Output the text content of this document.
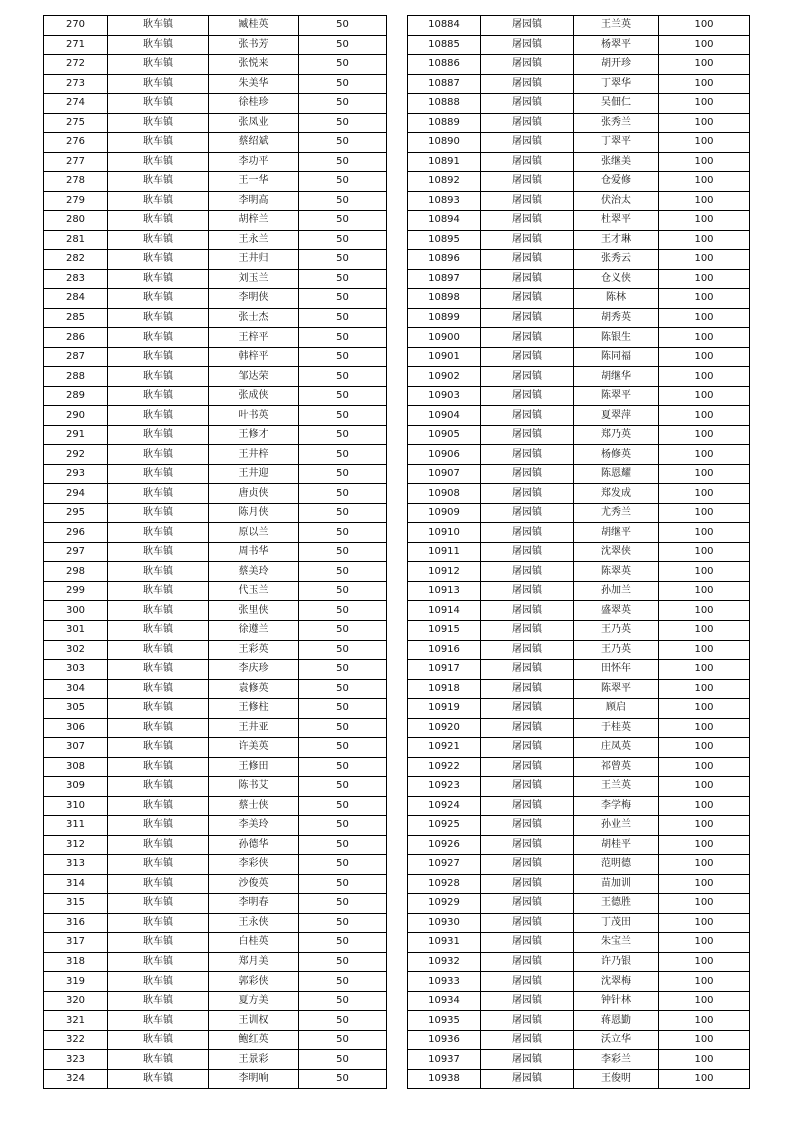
270	耿车镇	臧桂英	50
271	耿车镇	张书芳	50
272	耿车镇	张悦来	50
273	耿车镇	朱美华	50
274	耿车镇	徐桂珍	50
275	耿车镇	张凤业	50
276	耿车镇	蔡绍斌	50
277	耿车镇	李功平	50
278	耿车镇	王一华	50
279	耿车镇	李明高	50
280	耿车镇	胡梓兰	50
281	耿车镇	王永兰	50
282	耿车镇	王井归	50
283	耿车镇	刘玉兰	50
284	耿车镇	李明侠	50
285	耿车镇	张士杰	50
286	耿车镇	王梓平	50
287	耿车镇	韩梓平	50
288	耿车镇	邹达荣	50
289	耿车镇	张成侠	50
290	耿车镇	叶书英	50
291	耿车镇	王修才	50
292	耿车镇	王井梓	50
293	耿车镇	王井迎	50
294	耿车镇	唐贞侠	50
295	耿车镇	陈月侠	50
296	耿车镇	原以兰	50
297	耿车镇	周书华	50
298	耿车镇	蔡美玲	50
299	耿车镇	代玉兰	50
300	耿车镇	张里侠	50
301	耿车镇	徐遵兰	50
302	耿车镇	王彩英	50
303	耿车镇	李庆珍	50
304	耿车镇	袁修英	50
305	耿车镇	王修柱	50
306	耿车镇	王井亚	50
307	耿车镇	许美英	50
308	耿车镇	王修田	50
309	耿车镇	陈书艾	50
310	耿车镇	蔡士侠	50
311	耿车镇	李美玲	50
312	耿车镇	孙德华	50
313	耿车镇	李彩侠	50
314	耿车镇	沙俊英	50
315	耿车镇	李明春	50
316	耿车镇	王永侠	50
317	耿车镇	白桂英	50
318	耿车镇	郑月美	50
319	耿车镇	郭彩侠	50
320	耿车镇	夏方美	50
321	耿车镇	王训权	50
322	耿车镇	鲍红英	50
323	耿车镇	王景彩	50
324	耿车镇	李明响	50
10884	屠园镇	王兰英	100
10885	屠园镇	杨翠平	100
10886	屠园镇	胡开珍	100
10887	屠园镇	丁翠华	100
10888	屠园镇	吴佃仁	100
10889	屠园镇	张秀兰	100
10890	屠园镇	丁翠平	100
10891	屠园镇	张继美	100
10892	屠园镇	仓爱修	100
10893	屠园镇	伏治太	100
10894	屠园镇	杜翠平	100
10895	屠园镇	王才琳	100
10896	屠园镇	张秀云	100
10897	屠园镇	仓义侠	100
10898	屠园镇	陈林	100
10899	屠园镇	胡秀英	100
10900	屠园镇	陈银生	100
10901	屠园镇	陈同福	100
10902	屠园镇	胡继华	100
10903	屠园镇	陈翠平	100
10904	屠园镇	夏翠萍	100
10905	屠园镇	郑乃英	100
10906	屠园镇	杨修英	100
10907	屠园镇	陈恩耀	100
10908	屠园镇	郑发成	100
10909	屠园镇	尤秀兰	100
10910	屠园镇	胡继平	100
10911	屠园镇	沈翠侠	100
10912	屠园镇	陈翠英	100
10913	屠园镇	孙加兰	100
10914	屠园镇	盛翠英	100
10915	屠园镇	王乃英	100
10916	屠园镇	王乃英	100
10917	屠园镇	田怀年	100
10918	屠园镇	陈翠平	100
10919	屠园镇	顾启	100
10920	屠园镇	于桂英	100
10921	屠园镇	庄凤英	100
10922	屠园镇	祁曾英	100
10923	屠园镇	王兰英	100
10924	屠园镇	李学梅	100
10925	屠园镇	孙业兰	100
10926	屠园镇	胡桂平	100
10927	屠园镇	范明德	100
10928	屠园镇	苗加训	100
10929	屠园镇	王德胜	100
10930	屠园镇	丁茂田	100
10931	屠园镇	朱宝兰	100
10932	屠园镇	许乃银	100
10933	屠园镇	沈翠梅	100
10934	屠园镇	钟针林	100
10935	屠园镇	蒋恩勤	100
10936	屠园镇	沃立华	100
10937	屠园镇	李彩兰	100
10938	屠园镇	王俊明	100
